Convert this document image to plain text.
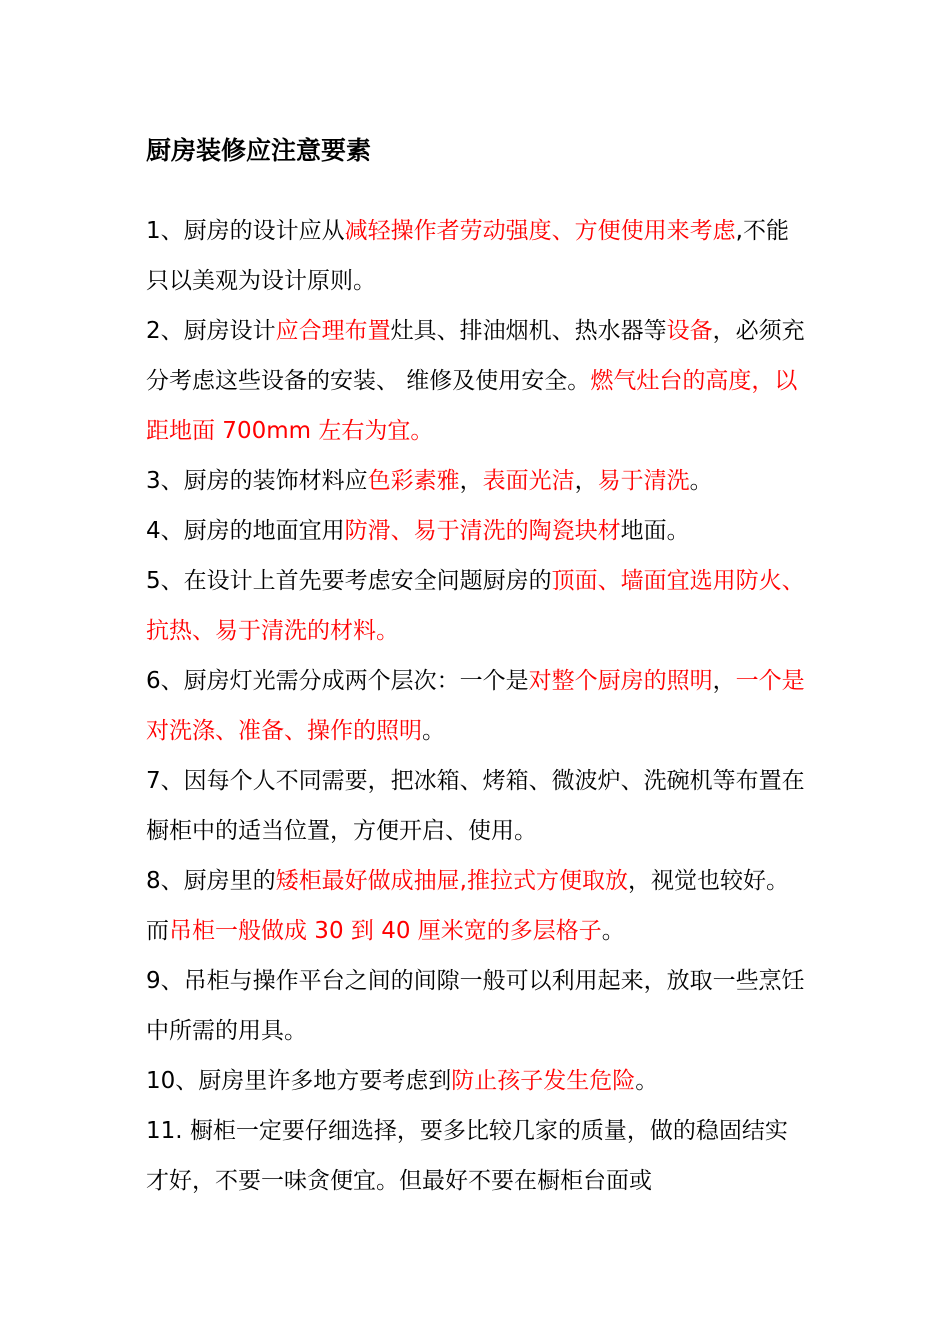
厨房装修应注意要素

1、厨房的设计应从减轻操作者劳动强度、方便使用来考虑,不能只以美观为设计原则。

2、厨房设计应合理布置灶具、排油烟机、热水器等设备，必须充分考虑这些设备的安装、 维修及使用安全。燃气灶台的高度，以距地面 700mm 左右为宜。

3、厨房的装饰材料应色彩素雅，表面光洁，易于清洗。

4、厨房的地面宜用防滑、易于清洗的陶瓷块材地面。

5、在设计上首先要考虑安全问题厨房的顶面、墙面宜选用防火、抗热、易于清洗的材料。

6、厨房灯光需分成两个层次：一个是对整个厨房的照明，一个是对洗涤、准备、操作的照明。

7、因每个人不同需要，把冰箱、烤箱、微波炉、洗碗机等布置在橱柜中的适当位置，方便开启、使用。

8、厨房里的矮柜最好做成抽屉,推拉式方便取放，视觉也较好。而吊柜一般做成 30 到 40 厘米宽的多层格子。

9、吊柜与操作平台之间的间隙一般可以利用起来，放取一些烹饪中所需的用具。

10、厨房里许多地方要考虑到防止孩子发生危险。

11. 橱柜一定要仔细选择，要多比较几家的质量，做的稳固结实才好，不要一味贪便宜。但最好不要在橱柜台面或
